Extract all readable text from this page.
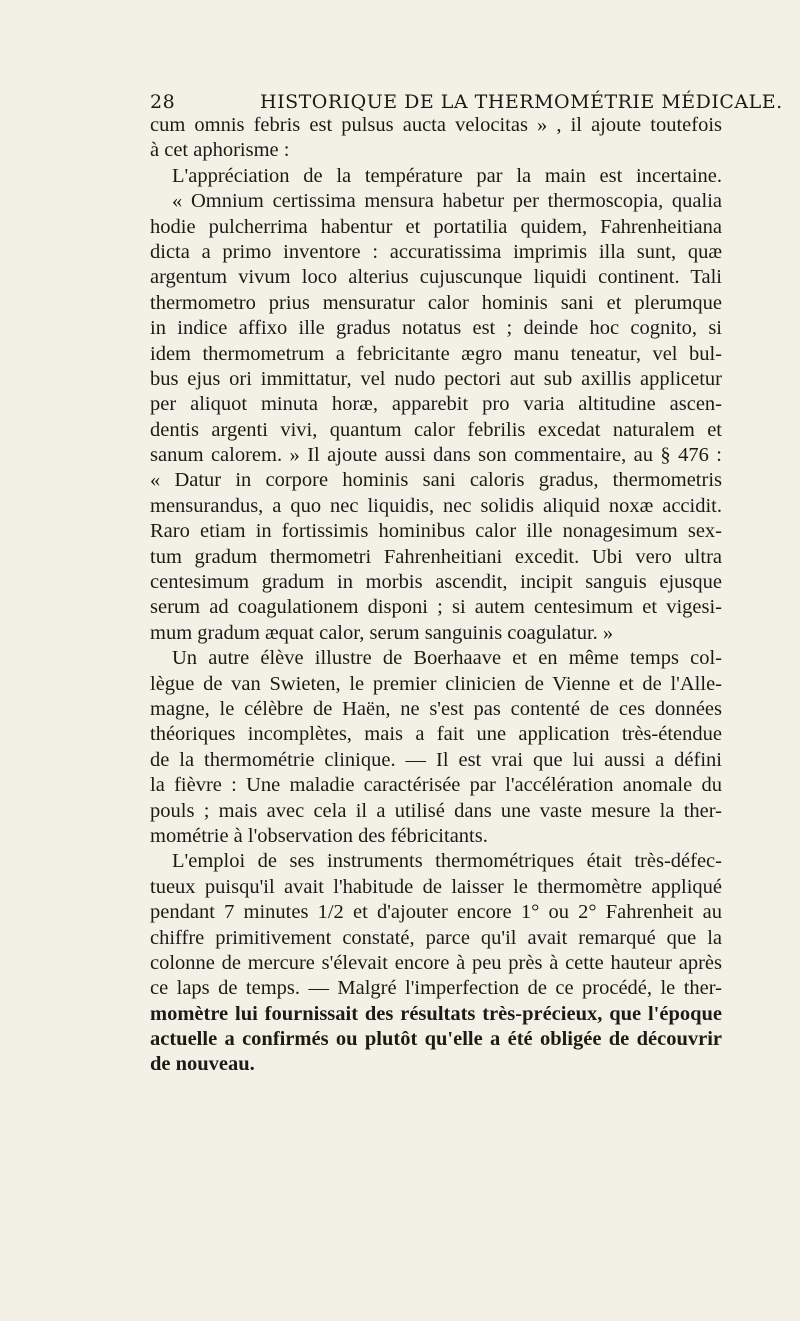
28	HISTORIQUE DE LA THERMOMÉTRIE MÉDICALE.
cum omnis febris est pulsus aucta velocitas » , il ajoute toutefois
à cet aphorisme :
L'appréciation de la température par la main est incertaine.
« Omnium certissima mensura habetur per thermoscopia, qualia
hodie pulcherrima habentur et portatilia quidem, Fahrenheitiana
dicta a primo inventore : accuratissima imprimis illa sunt, quæ
argentum vivum loco alterius cujuscunque liquidi continent. Tali
thermometro prius mensuratur calor hominis sani et plerumque
in indice affixo ille gradus notatus est ; deinde hoc cognito, si
idem thermometrum a febricitante ægro manu teneatur, vel bul-
bus ejus ori immittatur, vel nudo pectori aut sub axillis applicetur
per aliquot minuta horæ, apparebit pro varia altitudine ascen-
dentis argenti vivi, quantum calor febrilis excedat naturalem et
sanum calorem. » Il ajoute aussi dans son commentaire, au § 476 :
« Datur in corpore hominis sani caloris gradus, thermometris
mensurandus, a quo nec liquidis, nec solidis aliquid noxæ accidit.
Raro etiam in fortissimis hominibus calor ille nonagesimum sex-
tum gradum thermometri Fahrenheitiani excedit. Ubi vero ultra
centesimum gradum in morbis ascendit, incipit sanguis ejusque
serum ad coagulationem disponi ; si autem centesimum et vigesi-
mum gradum æquat calor, serum sanguinis coagulatur. »
Un autre élève illustre de Boerhaave et en même temps col-
lègue de van Swieten, le premier clinicien de Vienne et de l'Alle-
magne, le célèbre de Haën, ne s'est pas contenté de ces données
théoriques incomplètes, mais a fait une application très-étendue
de la thermométrie clinique. — Il est vrai que lui aussi a défini
la fièvre : Une maladie caractérisée par l'accélération anomale du
pouls ; mais avec cela il a utilisé dans une vaste mesure la ther-
mométrie à l'observation des fébricitants.
L'emploi de ses instruments thermométriques était très-défec-
tueux puisqu'il avait l'habitude de laisser le thermomètre appliqué
pendant 7 minutes 1/2 et d'ajouter encore 1° ou 2° Fahrenheit au
chiffre primitivement constaté, parce qu'il avait remarqué que la
colonne de mercure s'élevait encore à peu près à cette hauteur après
ce laps de temps. — Malgré l'imperfection de ce procédé, le ther-
momètre lui fournissait des résultats très-précieux, que l'époque
actuelle a confirmés ou plutôt qu'elle a été obligée de découvrir
de nouveau.
